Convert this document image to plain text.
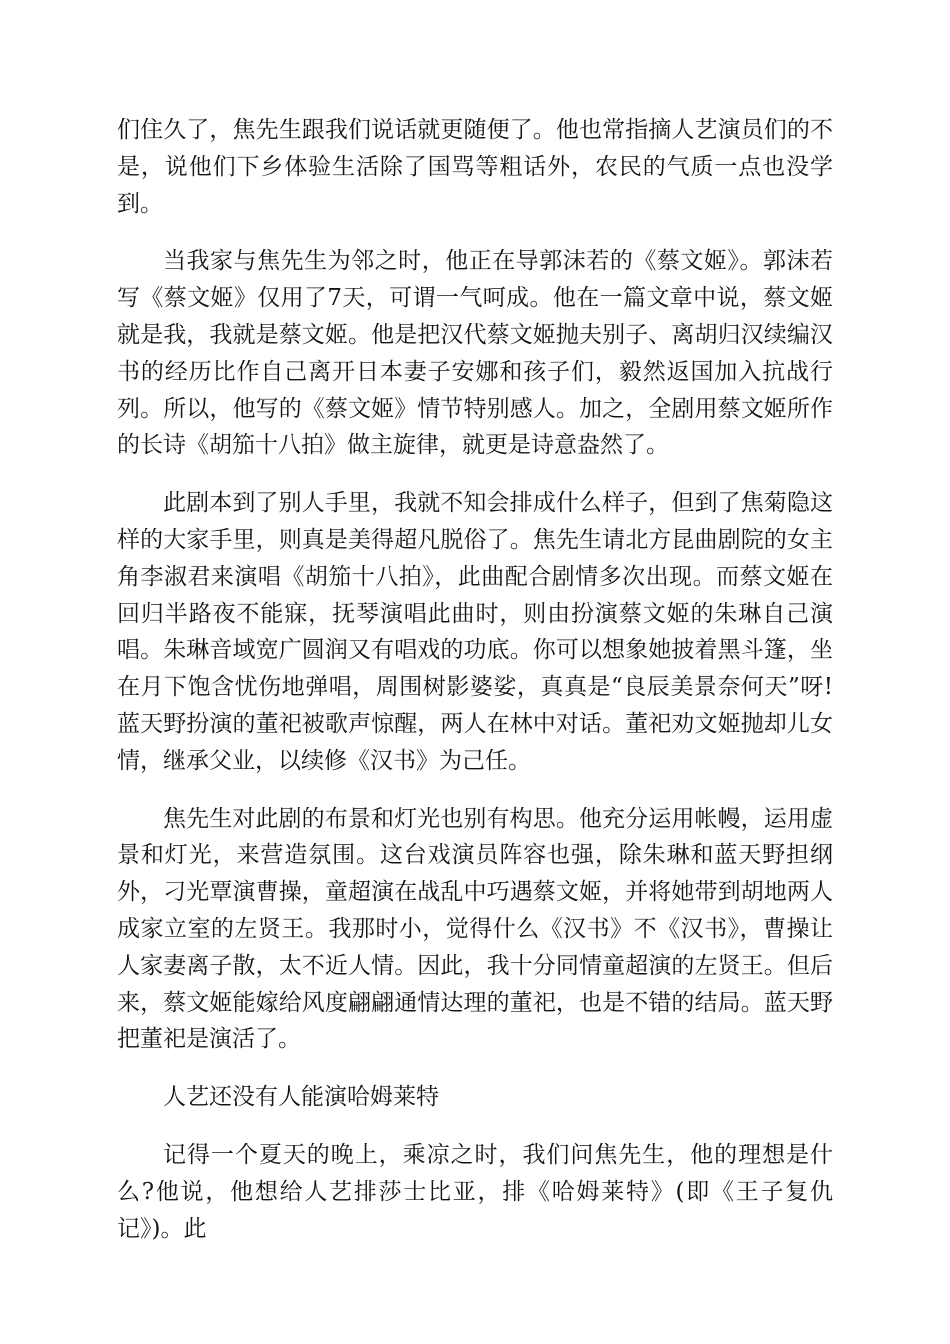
们住久了，焦先生跟我们说话就更随便了。他也常指摘人艺演员们的不是，说他们下乡体验生活除了国骂等粗话外，农民的气质一点也没学到。

当我家与焦先生为邻之时，他正在导郭沫若的《蔡文姬》。郭沫若写《蔡文姬》仅用了7天，可谓一气呵成。他在一篇文章中说，蔡文姬就是我，我就是蔡文姬。他是把汉代蔡文姬抛夫别子、离胡归汉续编汉书的经历比作自己离开日本妻子安娜和孩子们，毅然返国加入抗战行列。所以，他写的《蔡文姬》情节特别感人。加之，全剧用蔡文姬所作的长诗《胡笳十八拍》做主旋律，就更是诗意盎然了。

此剧本到了别人手里，我就不知会排成什么样子，但到了焦菊隐这样的大家手里，则真是美得超凡脱俗了。焦先生请北方昆曲剧院的女主角李淑君来演唱《胡笳十八拍》，此曲配合剧情多次出现。而蔡文姬在回归半路夜不能寐，抚琴演唱此曲时，则由扮演蔡文姬的朱琳自己演唱。朱琳音域宽广圆润又有唱戏的功底。你可以想象她披着黑斗篷，坐在月下饱含忧伤地弹唱，周围树影婆娑，真真是“良辰美景奈何天”呀!蓝天野扮演的董祀被歌声惊醒，两人在林中对话。董祀劝文姬抛却儿女情，继承父业，以续修《汉书》为己任。

焦先生对此剧的布景和灯光也别有构思。他充分运用帐幔，运用虚景和灯光，来营造氛围。这台戏演员阵容也强，除朱琳和蓝天野担纲外，刁光覃演曹操，童超演在战乱中巧遇蔡文姬，并将她带到胡地两人成家立室的左贤王。我那时小，觉得什么《汉书》不《汉书》，曹操让人家妻离子散，太不近人情。因此，我十分同情童超演的左贤王。但后来，蔡文姬能嫁给风度翩翩通情达理的董祀，也是不错的结局。蓝天野把董祀是演活了。

人艺还没有人能演哈姆莱特

记得一个夏天的晚上，乘凉之时，我们问焦先生，他的理想是什么?他说，他想给人艺排莎士比亚，排《哈姆莱特》(即《王子复仇记》)。此
